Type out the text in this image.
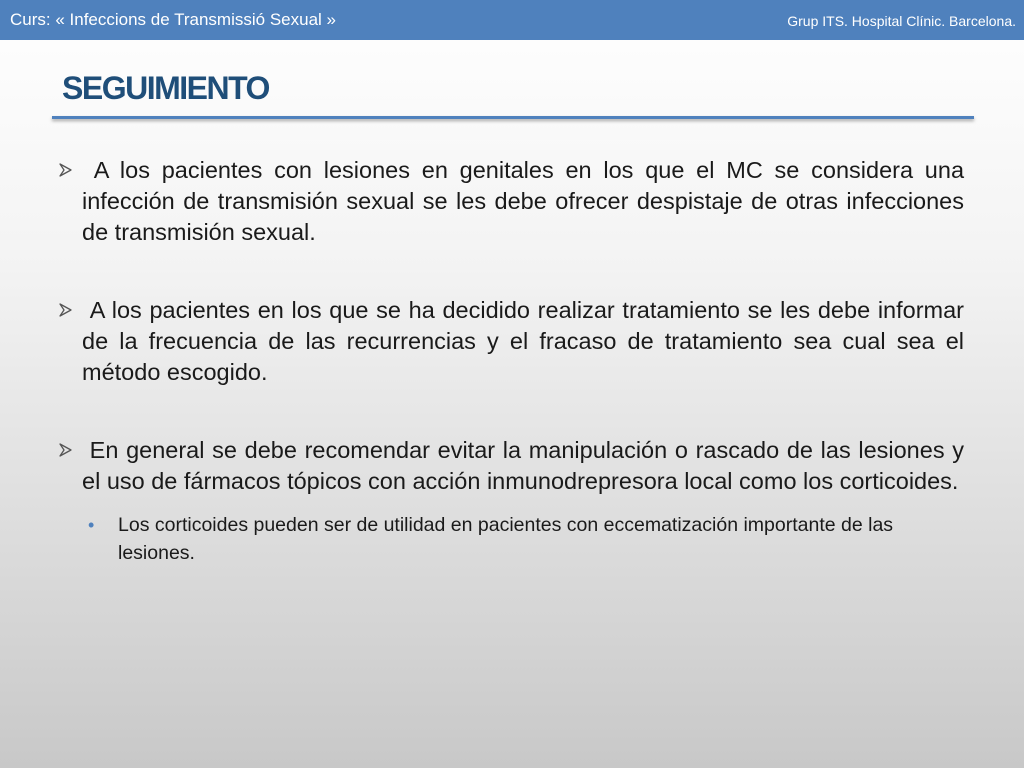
Curs: « Infeccions de Transmissió Sexual »	Grup ITS. Hospital Clínic. Barcelona.
SEGUIMIENTO
A los pacientes con lesiones en genitales en los que el MC se considera una infección de transmisión sexual se les debe ofrecer despistaje de otras infecciones de transmisión sexual.
A los pacientes en los que se ha decidido realizar tratamiento se les debe informar de la frecuencia de las recurrencias y el fracaso de tratamiento sea cual sea el método escogido.
En general se debe recomendar evitar la manipulación o rascado de las lesiones y el uso de fármacos tópicos con acción inmunodrepresora local como los corticoides.
• Los corticoides pueden ser de utilidad en pacientes con eccematización importante de las lesiones.
